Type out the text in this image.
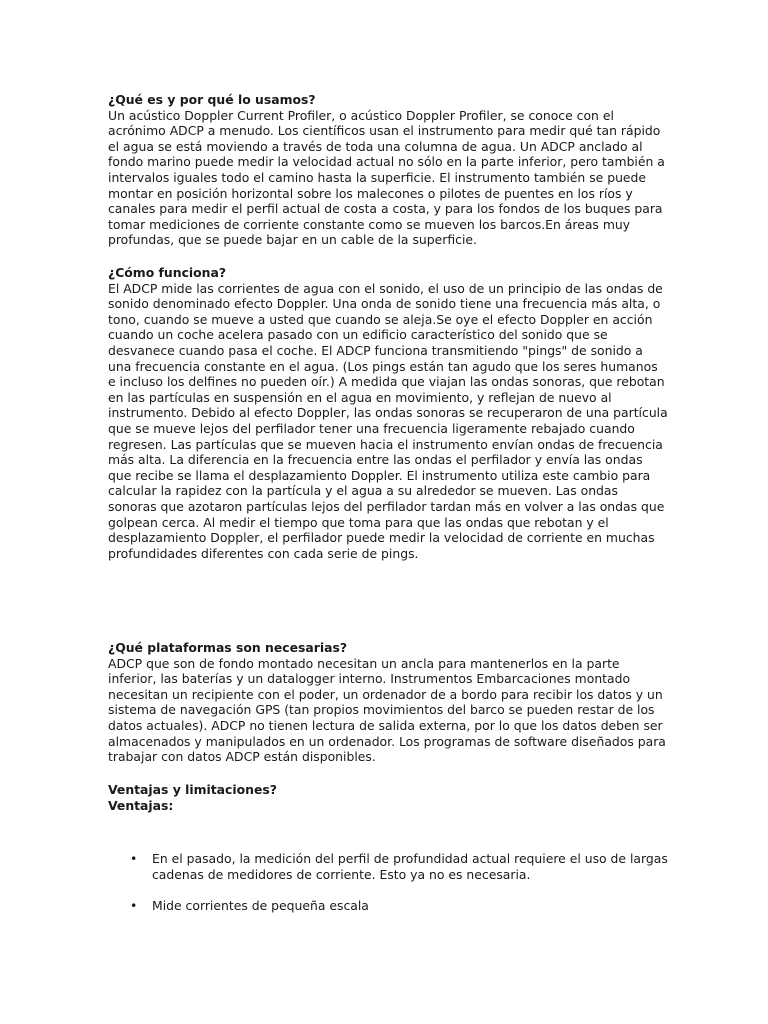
¿Qué es y por qué lo usamos?

Un acústico Doppler Current Profiler, o acústico Doppler Profiler, se conoce con el acrónimo ADCP a menudo. Los científicos usan el instrumento para medir qué tan rápido el agua se está moviendo a través de toda una columna de agua. Un ADCP anclado al fondo marino puede medir la velocidad actual no sólo en la parte inferior, pero también a intervalos iguales todo el camino hasta la superficie. El instrumento también se puede montar en posición horizontal sobre los malecones o pilotes de puentes en los ríos y canales para medir el perfil actual de costa a costa, y para los fondos de los buques para tomar mediciones de corriente constante como se mueven los barcos.En áreas muy profundas, que se puede bajar en un cable de la superficie.

¿Cómo funciona?

El ADCP mide las corrientes de agua con el sonido, el uso de un principio de las ondas de sonido denominado efecto Doppler. Una onda de sonido tiene una frecuencia más alta, o tono, cuando se mueve a usted que cuando se aleja.Se oye el efecto Doppler en acción cuando un coche acelera pasado con un edificio característico del sonido que se desvanece cuando pasa el coche. El ADCP funciona transmitiendo "pings" de sonido a una frecuencia constante en el agua. (Los pings están tan agudo que los seres humanos e incluso los delfines no pueden oír.) A medida que viajan las ondas sonoras, que rebotan en las partículas en suspensión en el agua en movimiento, y reflejan de nuevo al instrumento. Debido al efecto Doppler, las ondas sonoras se recuperaron de una partícula que se mueve lejos del perfilador tener una frecuencia ligeramente rebajado cuando regresen. Las partículas que se mueven hacia el instrumento envían ondas de frecuencia más alta. La diferencia en la frecuencia entre las ondas el perfilador y envía las ondas que recibe se llama el desplazamiento Doppler. El instrumento utiliza este cambio para calcular la rapidez con la partícula y el agua a su alrededor se mueven. Las ondas sonoras que azotaron partículas lejos del perfilador tardan más en volver a las ondas que golpean cerca. Al medir el tiempo que toma para que las ondas que rebotan y el desplazamiento Doppler, el perfilador puede medir la velocidad de corriente en muchas profundidades diferentes con cada serie de pings.

¿Qué plataformas son necesarias?

ADCP que son de fondo montado necesitan un ancla para mantenerlos en la parte inferior, las baterías y un datalogger interno. Instrumentos Embarcaciones montado necesitan un recipiente con el poder, un ordenador de a bordo para recibir los datos y un sistema de navegación GPS (tan propios movimientos del barco se pueden restar de los datos actuales). ADCP no tienen lectura de salida externa, por lo que los datos deben ser almacenados y manipulados en un ordenador. Los programas de software diseñados para trabajar con datos ADCP están disponibles.

Ventajas y limitaciones?
Ventajas:
• En el pasado, la medición del perfil de profundidad actual requiere el uso de largas cadenas de medidores de corriente. Esto ya no es necesaria.
• Mide corrientes de pequeña escala
